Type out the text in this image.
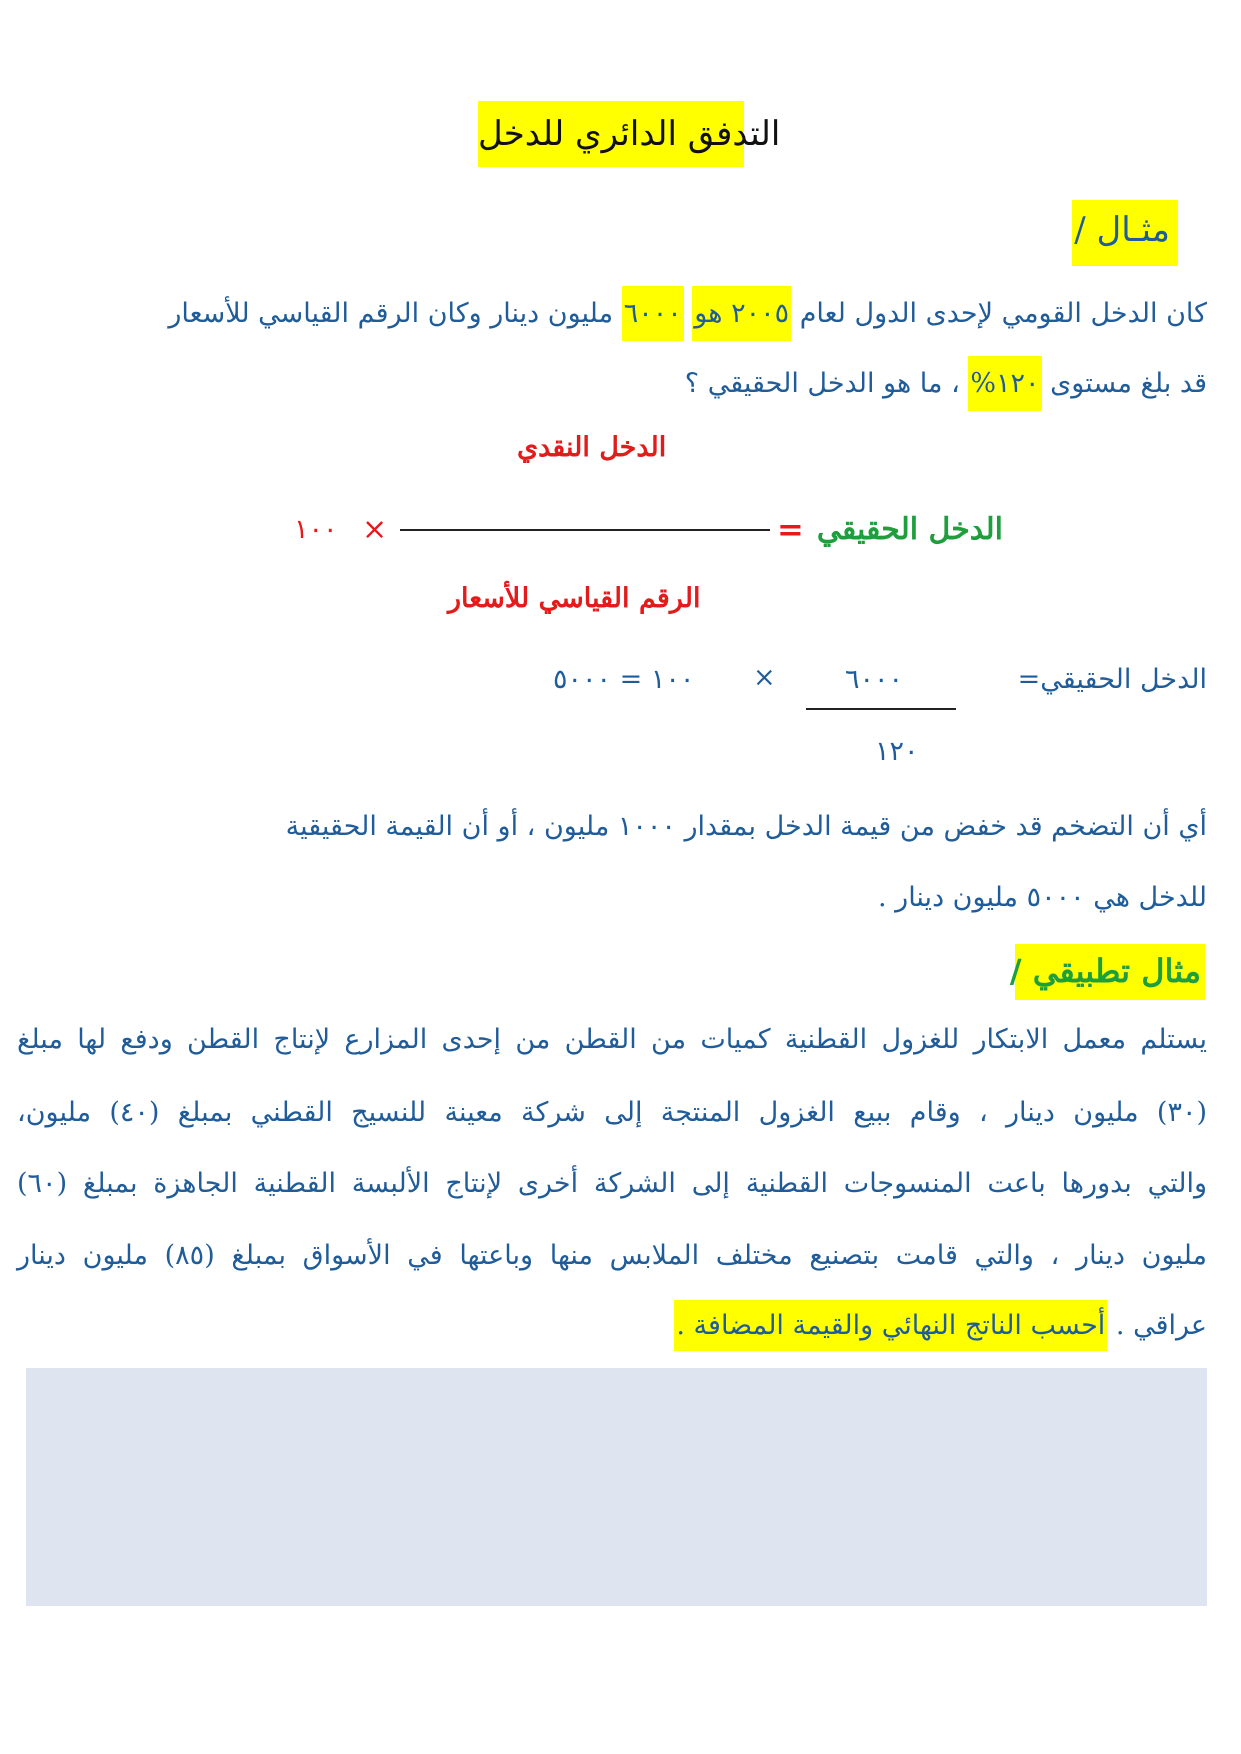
التدفق الدائري للدخل
مثـال /
كان الدخل القومي لإحدى الدول لعام ٢٠٠٥ هو ٦٠٠٠ مليون دينار وكان الرقم القياسي للأسعار
قد بلغ مستوى ١٢٠% ، ما هو الدخل الحقيقي ؟
الدخل النقدي
الدخل الحقيقي
=
×
١٠٠
الرقم القياسي للأسعار
الدخل الحقيقي=
٦٠٠٠
١٢٠
×
١٠٠ = ٥٠٠٠
أي أن التضخم قد خفض من قيمة الدخل بمقدار ١٠٠٠ مليون ، أو أن القيمة الحقيقية
للدخل هي ٥٠٠٠ مليون دينار .
مثال تطبيقي /
يستلم معمل الابتكار للغزول القطنية كميات من القطن من إحدى المزارع لإنتاج القطن ودفع لها مبلغ
(٣٠) مليون دينار ، وقام ببيع الغزول المنتجة إلى شركة معينة للنسيج القطني بمبلغ (٤٠) مليون،
والتي بدورها باعت المنسوجات القطنية إلى الشركة أخرى لإنتاج الألبسة القطنية الجاهزة بمبلغ (٦٠)
مليون دينار ، والتي قامت بتصنيع مختلف الملابس منها وباعتها في الأسواق بمبلغ (٨٥) مليون دينار
عراقي . أحسب الناتج النهائي والقيمة المضافة .
